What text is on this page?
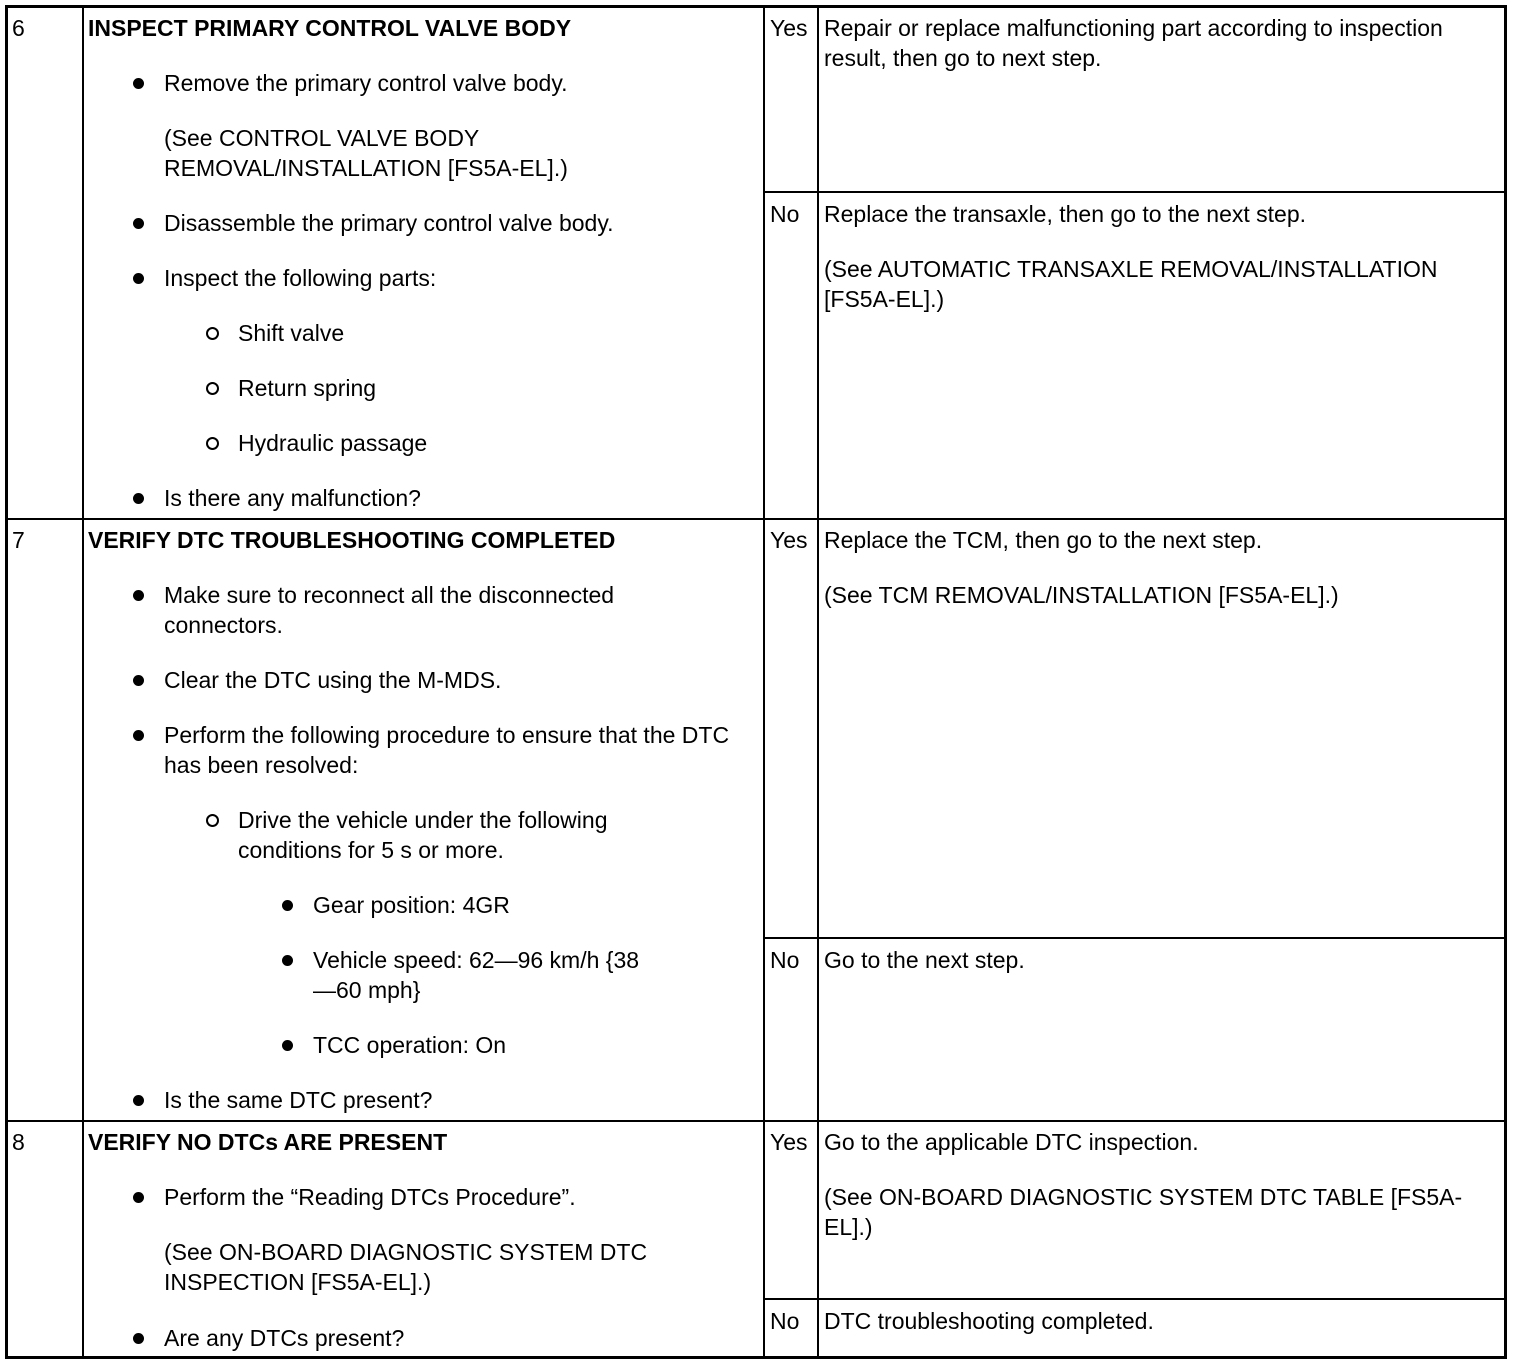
6	INSPECT PRIMARY CONTROL VALVE BODY
Remove the primary control valve body.
(See CONTROL VALVE BODY REMOVAL/INSTALLATION [FS5A-EL].)
Disassemble the primary control valve body.
Inspect the following parts:
Shift valve
Return spring
Hydraulic passage
Is there any malfunction?
Yes Repair or replace malfunctioning part according to inspection result, then go to next step.
No Replace the transaxle, then go to the next step.
(See AUTOMATIC TRANSAXLE REMOVAL/INSTALLATION [FS5A-EL].)
7	VERIFY DTC TROUBLESHOOTING COMPLETED
Make sure to reconnect all the disconnected connectors.
Clear the DTC using the M-MDS.
Perform the following procedure to ensure that the DTC has been resolved:
Drive the vehicle under the following conditions for 5 s or more.
Gear position: 4GR
Vehicle speed: 62—96 km/h {38—60 mph}
TCC operation: On
Is the same DTC present?
Yes Replace the TCM, then go to the next step.
(See TCM REMOVAL/INSTALLATION [FS5A-EL].)
No Go to the next step.
8	VERIFY NO DTCs ARE PRESENT
Perform the “Reading DTCs Procedure”.
(See ON-BOARD DIAGNOSTIC SYSTEM DTC INSPECTION [FS5A-EL].)
Are any DTCs present?
Yes Go to the applicable DTC inspection.
(See ON-BOARD DIAGNOSTIC SYSTEM DTC TABLE [FS5A-EL].)
No DTC troubleshooting completed.
